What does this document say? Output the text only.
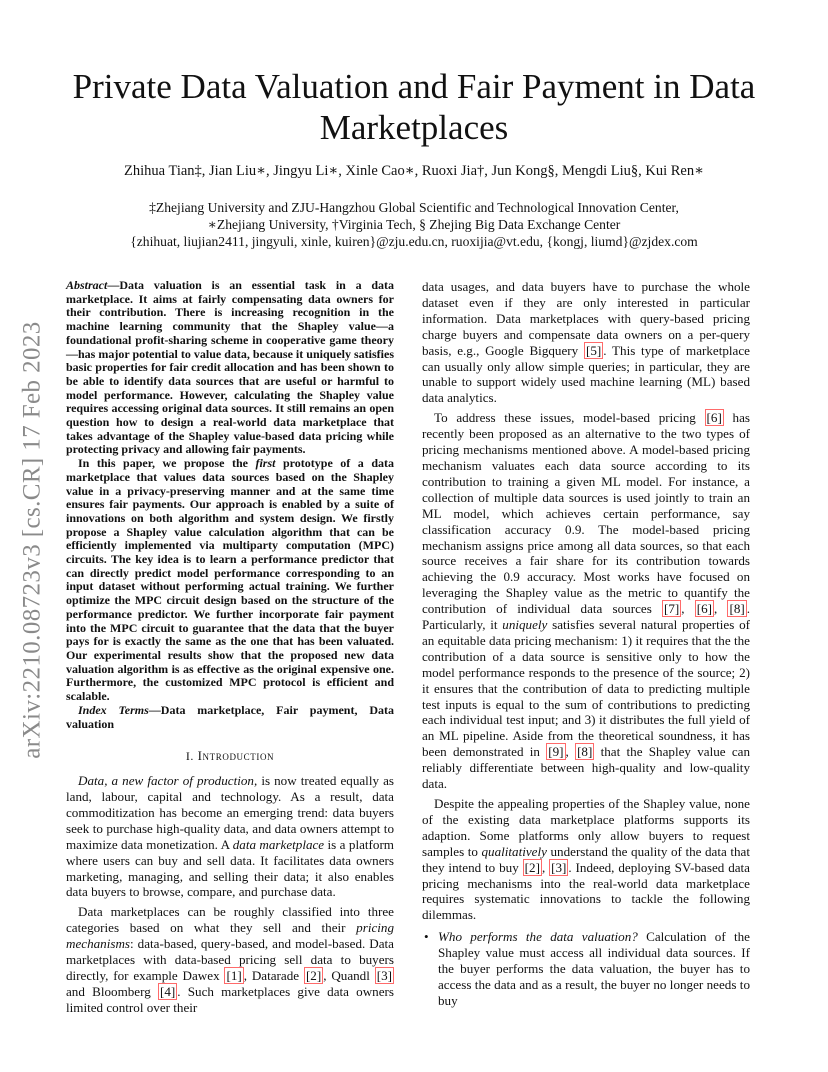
arXiv:2210.08723v3 [cs.CR] 17 Feb 2023
Private Data Valuation and Fair Payment in Data Marketplaces
Zhihua Tian‡, Jian Liu∗, Jingyu Li∗, Xinle Cao∗, Ruoxi Jia†, Jun Kong§, Mengdi Liu§, Kui Ren∗
‡Zhejiang University and ZJU-Hangzhou Global Scientific and Technological Innovation Center,
∗Zhejiang University, †Virginia Tech, § Zhejing Big Data Exchange Center
{zhihuat, liujian2411, jingyuli, xinle, kuiren}@zju.edu.cn, ruoxijia@vt.edu, {kongj, liumd}@zjdex.com

Abstract—Data valuation is an essential task in a data marketplace. It aims at fairly compensating data owners for their contribution. There is increasing recognition in the machine learning community that the Shapley value—a foundational profit-sharing scheme in cooperative game theory—has major potential to value data, because it uniquely satisfies basic properties for fair credit allocation and has been shown to be able to identify data sources that are useful or harmful to model performance. However, calculating the Shapley value requires accessing original data sources. It still remains an open question how to design a real-world data marketplace that takes advantage of the Shapley value-based data pricing while protecting privacy and allowing fair payments.

In this paper, we propose the first prototype of a data marketplace that values data sources based on the Shapley value in a privacy-preserving manner and at the same time ensures fair payments. Our approach is enabled by a suite of innovations on both algorithm and system design. We firstly propose a Shapley value calculation algorithm that can be efficiently implemented via multiparty computation (MPC) circuits. The key idea is to learn a performance predictor that can directly predict model performance corresponding to an input dataset without performing actual training. We further optimize the MPC circuit design based on the structure of the performance predictor. We further incorporate fair payment into the MPC circuit to guarantee that the data that the buyer pays for is exactly the same as the one that has been valuated. Our experimental results show that the proposed new data valuation algorithm is as effective as the original expensive one. Furthermore, the customized MPC protocol is efficient and scalable.

Index Terms—Data marketplace, Fair payment, Data valuation

I. Introduction

Data, a new factor of production, is now treated equally as land, labour, capital and technology. As a result, data commoditization has become an emerging trend: data buyers seek to purchase high-quality data, and data owners attempt to maximize data monetization. A data marketplace is a platform where users can buy and sell data. It facilitates data owners marketing, managing, and selling their data; it also enables data buyers to browse, compare, and purchase data.

Data marketplaces can be roughly classified into three categories based on what they sell and their pricing mechanisms: data-based, query-based, and model-based. Data marketplaces with data-based pricing sell data to buyers directly, for example Dawex [1] , Datarade [2] , Quandl [3] and Bloomberg [4] . Such marketplaces give data owners limited control over their

data usages, and data buyers have to purchase the whole dataset even if they are only interested in particular information. Data marketplaces with query-based pricing charge buyers and compensate data owners on a per-query basis, e.g., Google Bigquery [5] . This type of marketplace can usually only allow simple queries; in particular, they are unable to support widely used machine learning (ML) based data analytics.

To address these issues, model-based pricing [6] has recently been proposed as an alternative to the two types of pricing mechanisms mentioned above. A model-based pricing mechanism valuates each data source according to its contribution to training a given ML model. For instance, a collection of multiple data sources is used jointly to train an ML model, which achieves certain performance, say classification accuracy 0.9. The model-based pricing mechanism assigns price among all data sources, so that each source receives a fair share for its contribution towards achieving the 0.9 accuracy. Most works have focused on leveraging the Shapley value as the metric to quantify the contribution of individual data sources [7] , [6] , [8] . Particularly, it uniquely satisfies several natural properties of an equitable data pricing mechanism: 1) it requires that the the contribution of a data source is sensitive only to how the model performance responds to the presence of the source; 2) it ensures that the contribution of data to predicting multiple test inputs is equal to the sum of contributions to predicting each individual test input; and 3) it distributes the full yield of an ML pipeline. Aside from the theoretical soundness, it has been demonstrated in [9] , [8] that the Shapley value can reliably differentiate between high-quality and low-quality data.

Despite the appealing properties of the Shapley value, none of the existing data marketplace platforms supports its adaption. Some platforms only allow buyers to request samples to qualitatively understand the quality of the data that they intend to buy [2] , [3] . Indeed, deploying SV-based data pricing mechanisms into the real-world data marketplace requires systematic innovations to tackle the following dilemmas.

• Who performs the data valuation? Calculation of the Shapley value must access all individual data sources. If the buyer performs the data valuation, the buyer has to access the data and as a result, the buyer no longer needs to buy
